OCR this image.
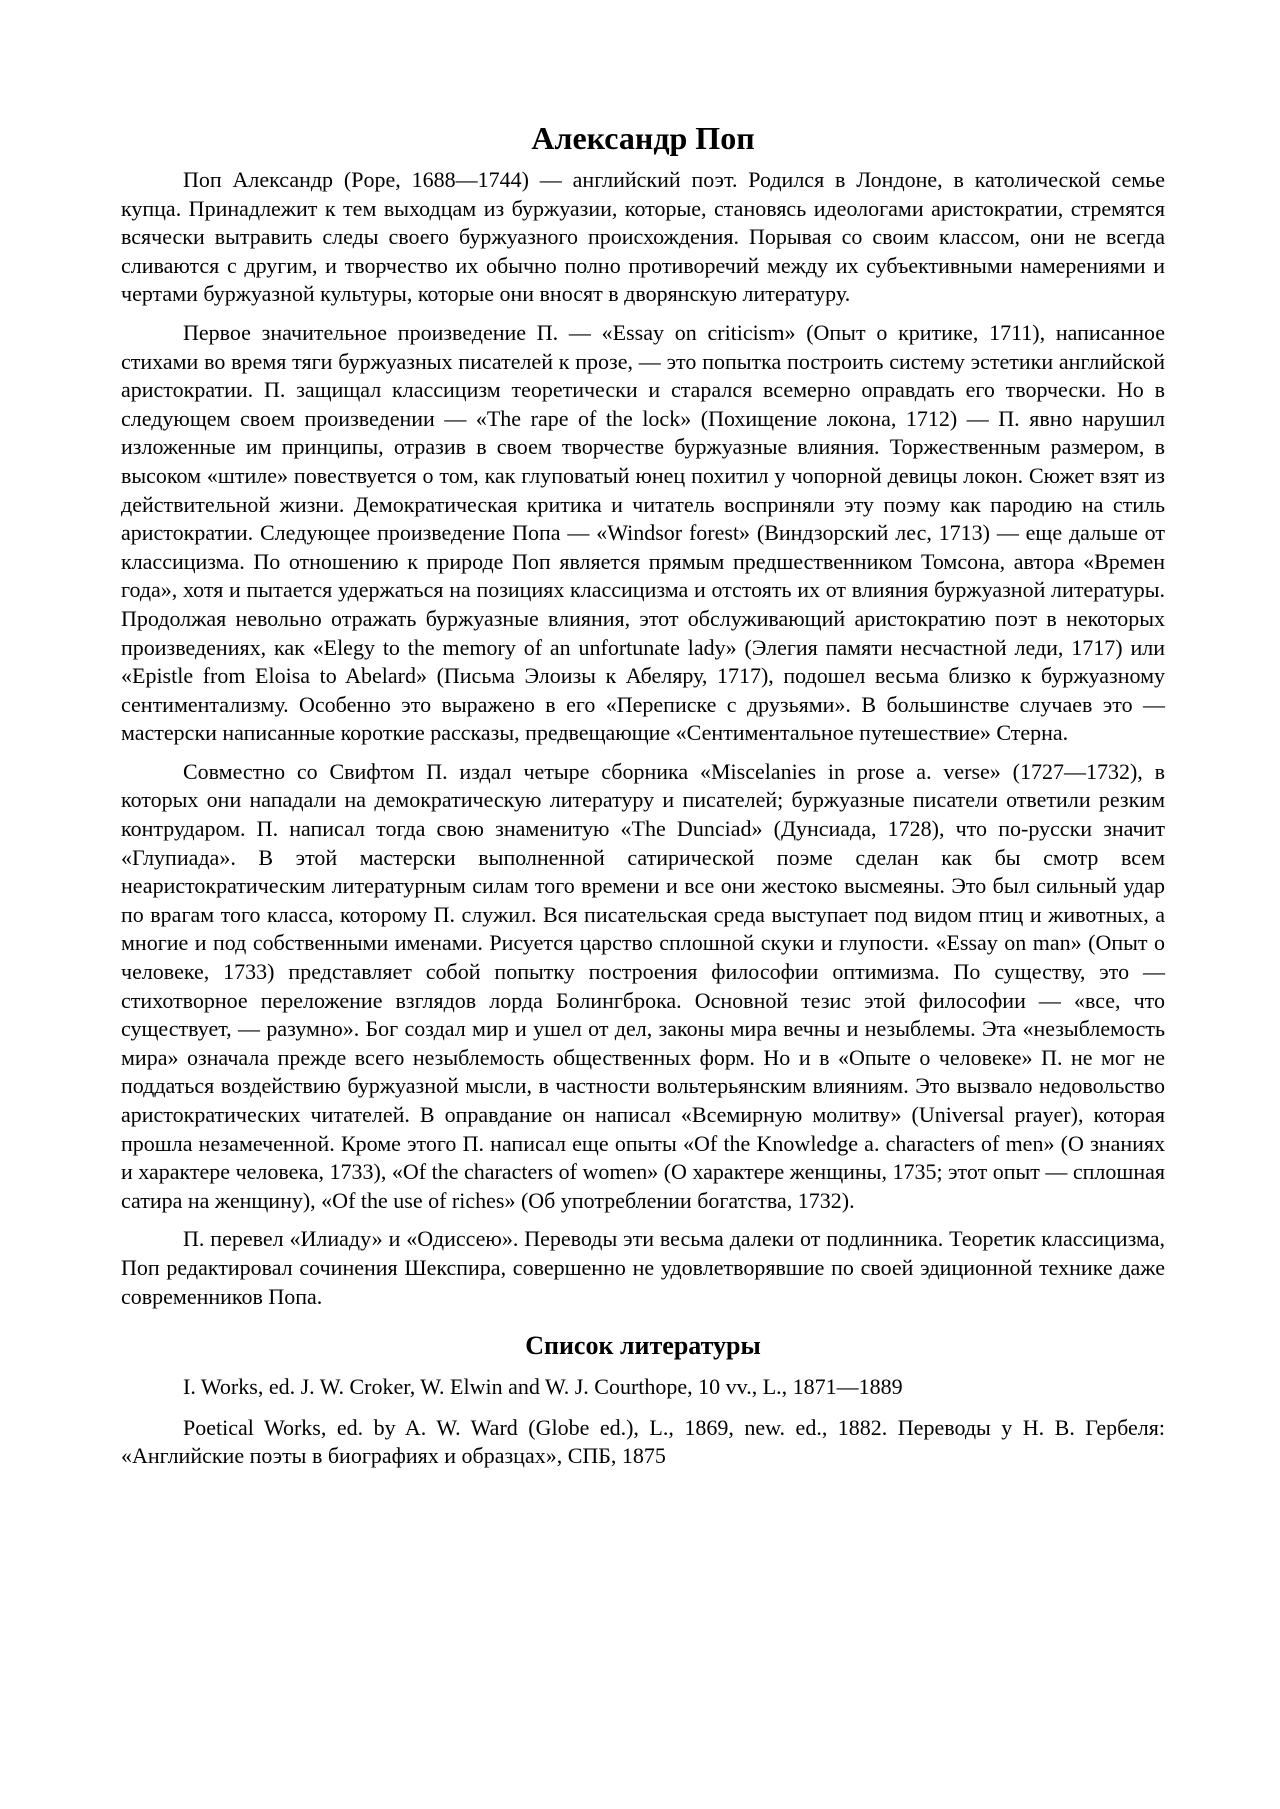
Александр Поп

Поп Александр (Pope, 1688—1744) — английский поэт. Родился в Лондоне, в католической семье купца. Принадлежит к тем выходцам из буржуазии, которые, становясь идеологами аристократии, стремятся всячески вытравить следы своего буржуазного происхождения. Порывая со своим классом, они не всегда сливаются с другим, и творчество их обычно полно противоречий между их субъективными намерениями и чертами буржуазной культуры, которые они вносят в дворянскую литературу.

Первое значительное произведение П. — «Essay on criticism» (Опыт о критике, 1711), написанное стихами во время тяги буржуазных писателей к прозе, — это попытка построить систему эстетики английской аристократии. П. защищал классицизм теоретически и старался всемерно оправдать его творчески. Но в следующем своем произведении — «The rape of the lock» (Похищение локона, 1712) — П. явно нарушил изложенные им принципы, отразив в своем творчестве буржуазные влияния. Торжественным размером, в высоком «штиле» повествуется о том, как глуповатый юнец похитил у чопорной девицы локон. Сюжет взят из действительной жизни. Демократическая критика и читатель восприняли эту поэму как пародию на стиль аристократии. Следующее произведение Попа — «Windsor forest» (Виндзорский лес, 1713) — еще дальше от классицизма. По отношению к природе Поп является прямым предшественником Томсона, автора «Времен года», хотя и пытается удержаться на позициях классицизма и отстоять их от влияния буржуазной литературы. Продолжая невольно отражать буржуазные влияния, этот обслуживающий аристократию поэт в некоторых произведениях, как «Elegy to the memory of an unfortunate lady» (Элегия памяти несчастной леди, 1717) или «Epistle from Eloisa to Abelard» (Письма Элоизы к Абеляру, 1717), подошел весьма близко к буржуазному сентиментализму. Особенно это выражено в его «Переписке с друзьями». В большинстве случаев это — мастерски написанные короткие рассказы, предвещающие «Сентиментальное путешествие» Стерна.

Совместно со Свифтом П. издал четыре сборника «Miscelanies in prose a. verse» (1727—1732), в которых они нападали на демократическую литературу и писателей; буржуазные писатели ответили резким контрударом. П. написал тогда свою знаменитую «The Dunciad» (Дунсиада, 1728), что по-русски значит «Глупиада». В этой мастерски выполненной сатирической поэме сделан как бы смотр всем неаристократическим литературным силам того времени и все они жестоко высмеяны. Это был сильный удар по врагам того класса, которому П. служил. Вся писательская среда выступает под видом птиц и животных, а многие и под собственными именами. Рисуется царство сплошной скуки и глупости. «Essay on man» (Опыт о человеке, 1733) представляет собой попытку построения философии оптимизма. По существу, это — стихотворное переложение взглядов лорда Болингброка. Основной тезис этой философии — «все, что существует, — разумно». Бог создал мир и ушел от дел, законы мира вечны и незыблемы. Эта «незыблемость мира» означала прежде всего незыблемость общественных форм. Но и в «Опыте о человеке» П. не мог не поддаться воздействию буржуазной мысли, в частности вольтерьянским влияниям. Это вызвало недовольство аристократических читателей. В оправдание он написал «Всемирную молитву» (Universal prayer), которая прошла незамеченной. Кроме этого П. написал еще опыты «Of the Knowledge a. characters of men» (О знаниях и характере человека, 1733), «Of the characters of women» (О характере женщины, 1735; этот опыт — сплошная сатира на женщину), «Of the use of riches» (Об употреблении богатства, 1732).

П. перевел «Илиаду» и «Одиссею». Переводы эти весьма далеки от подлинника. Теоретик классицизма, Поп редактировал сочинения Шекспира, совершенно не удовлетворявшие по своей эдиционной технике даже современников Попа.

Список литературы

I. Works, ed. J. W. Croker, W. Elwin and W. J. Courthope, 10 vv., L., 1871—1889

Poetical Works, ed. by A. W. Ward (Globe ed.), L., 1869, new. ed., 1882. Переводы у Н. В. Гербеля: «Английские поэты в биографиях и образцах», СПБ, 1875
